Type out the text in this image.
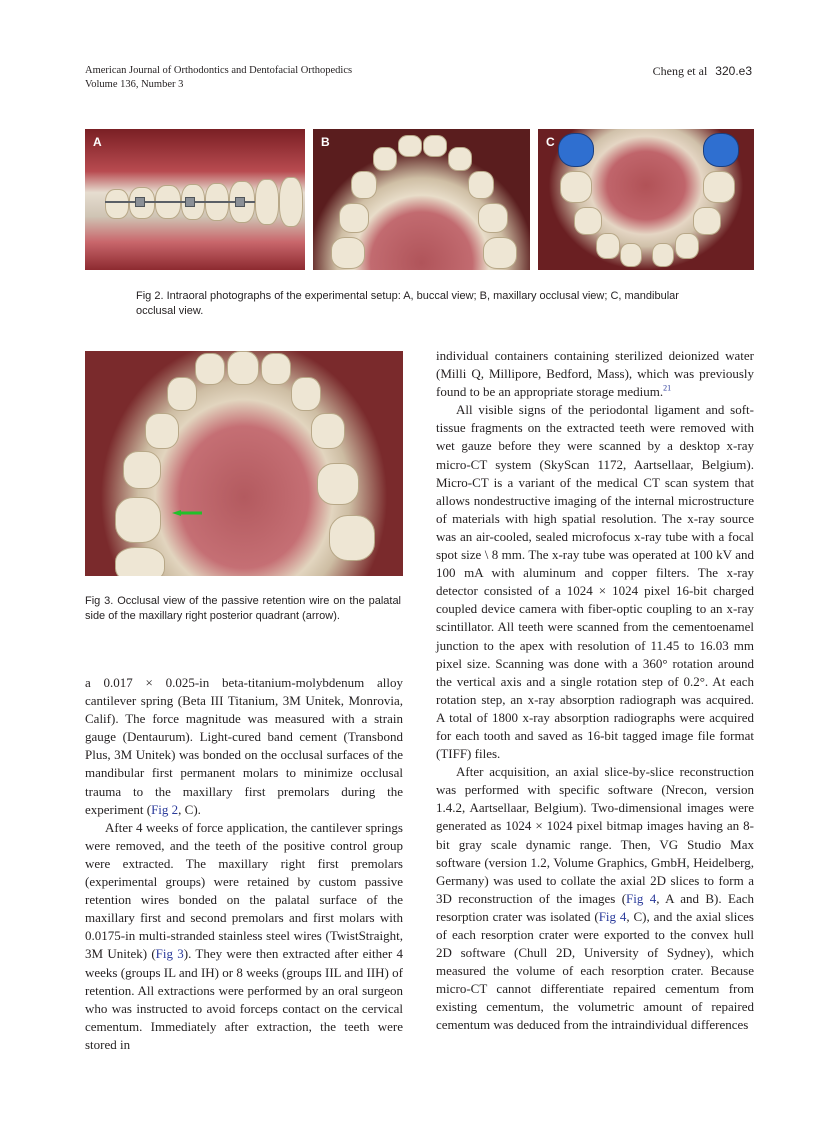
American Journal of Orthodontics and Dentofacial Orthopedics
Volume 136, Number 3
Cheng et al 320.e3
A	B	C
Fig 2. Intraoral photographs of the experimental setup: A, buccal view; B, maxillary occlusal view; C, mandibular occlusal view.
Fig 3. Occlusal view of the passive retention wire on the palatal side of the maxillary right posterior quadrant (arrow).

a 0.017 × 0.025-in beta-titanium-molybdenum alloy cantilever spring (Beta III Titanium, 3M Unitek, Monrovia, Calif). The force magnitude was measured with a strain gauge (Dentaurum). Light-cured band cement (Transbond Plus, 3M Unitek) was bonded on the occlusal surfaces of the mandibular first permanent molars to minimize occlusal trauma to the maxillary first premolars during the experiment (Fig 2, C).

After 4 weeks of force application, the cantilever springs were removed, and the teeth of the positive control group were extracted. The maxillary right first premolars (experimental groups) were retained by custom passive retention wires bonded on the palatal surface of the maxillary first and second premolars and first molars with 0.0175-in multi-stranded stainless steel wires (TwistStraight, 3M Unitek) (Fig 3). They were then extracted after either 4 weeks (groups IL and IH) or 8 weeks (groups IIL and IIH) of retention. All extractions were performed by an oral surgeon who was instructed to avoid forceps contact on the cervical cementum. Immediately after extraction, the teeth were stored in

individual containers containing sterilized deionized water (Milli Q, Millipore, Bedford, Mass), which was previously found to be an appropriate storage medium.$^{21}$

All visible signs of the periodontal ligament and soft-tissue fragments on the extracted teeth were removed with wet gauze before they were scanned by a desktop x-ray micro-CT system (SkyScan 1172, Aartsellaar, Belgium). Micro-CT is a variant of the medical CT scan system that allows nondestructive imaging of the internal microstructure of materials with high spatial resolution. The x-ray source was an air-cooled, sealed microfocus x-ray tube with a focal spot size \ 8 mm. The x-ray tube was operated at 100 kV and 100 mA with aluminum and copper filters. The x-ray detector consisted of a 1024 × 1024 pixel 16-bit charged coupled device camera with fiber-optic coupling to an x-ray scintillator. All teeth were scanned from the cementoenamel junction to the apex with resolution of 11.45 to 16.03 mm pixel size. Scanning was done with a 360° rotation around the vertical axis and a single rotation step of 0.2°. At each rotation step, an x-ray absorption radiograph was acquired. A total of 1800 x-ray absorption radiographs were acquired for each tooth and saved as 16-bit tagged image file format (TIFF) files.

After acquisition, an axial slice-by-slice reconstruction was performed with specific software (Nrecon, version 1.4.2, Aartsellaar, Belgium). Two-dimensional images were generated as 1024 × 1024 pixel bitmap images having an 8-bit gray scale dynamic range. Then, VG Studio Max software (version 1.2, Volume Graphics, GmbH, Heidelberg, Germany) was used to collate the axial 2D slices to form a 3D reconstruction of the images (Fig 4, A and B). Each resorption crater was isolated (Fig 4, C), and the axial slices of each resorption crater were exported to the convex hull 2D software (Chull 2D, University of Sydney), which measured the volume of each resorption crater. Because micro-CT cannot differentiate repaired cementum from existing cementum, the volumetric amount of repaired cementum was deduced from the intraindividual differences
